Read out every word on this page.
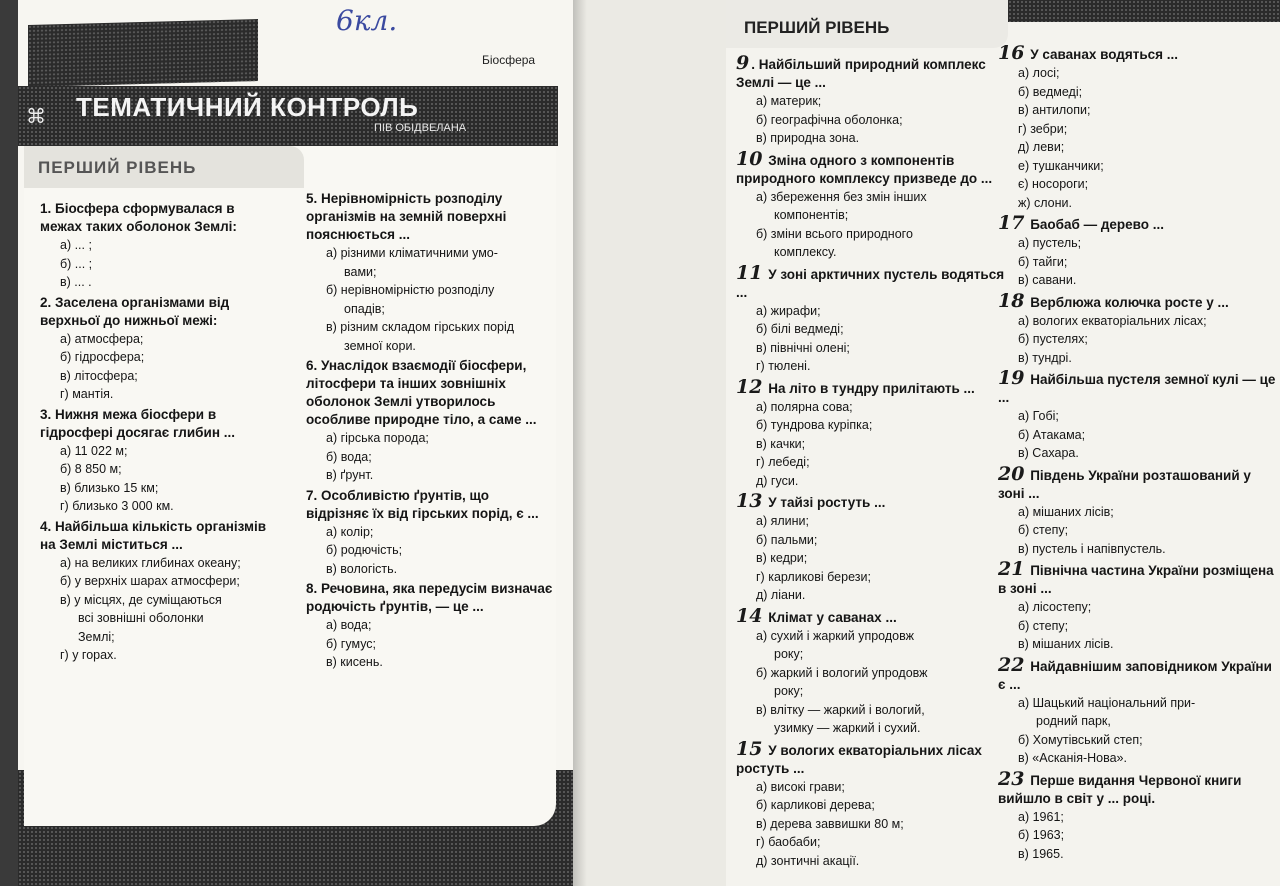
6кл.
Біосфера
⌘ ТЕМАТИЧНИЙ КОНТРОЛЬ
ПІВ ОБІДВЕЛАНА
ПЕРШИЙ РІВЕНЬ
1. Біосфера сформувалася в межах таких оболонок Землі:
а) ... ;
б) ... ;
в) ... .
2. Заселена організмами від верхньої до нижньої межі:
а) атмосфера;
б) гідросфера;
в) літосфера;
г) мантія.
3. Нижня межа біосфери в гідросфері досягає глибин ...
а) 11 022 м;
б) 8 850 м;
в) близько 15 км;
г) близько 3 000 км.
4. Найбільша кількість організмів на Землі міститься ...
а) на великих глибинах океану;
б) у верхніх шарах атмосфери;
в) у місцях, де суміщаються
всі зовнішні оболонки
Землі;
г) у горах.
5. Нерівномірність розподілу організмів на земній поверхні пояснюється ...
а) різними кліматичними умо-
вами;
б) нерівномірністю розподілу
опадів;
в) різним складом гірських порід
земної кори.
6. Унаслідок взаємодії біосфери, літосфери та інших зовнішніх оболонок Землі утворилось особливе природне тіло, а саме ...
а) гірська порода;
б) вода;
в) ґрунт.
7. Особливістю ґрунтів, що відрізняє їх від гірських порід, є ...
а) колір;
б) родючість;
в) вологість.
8. Речовина, яка передусім визначає родючість ґрунтів, — це ...
а) вода;
б) гумус;
в) кисень.
ПЕРШИЙ РІВЕНЬ
9 . Найбільший природний комплекс Землі — це ...
а) материк;
б) географічна оболонка;
в) природна зона.
10 Зміна одного з компонентів природного комплексу призведе до ...
а) збереження без змін інших
компонентів;
б) зміни всього природного
комплексу.
11 У зоні арктичних пустель водяться ...
а) жирафи;
б) білі ведмеді;
в) північні олені;
г) тюлені.
12 На літо в тундру прилітають ...
а) полярна сова;
б) тундрова куріпка;
в) качки;
г) лебеді;
д) гуси.
13 У тайзі ростуть ...
а) ялини;
б) пальми;
в) кедри;
г) карликові берези;
д) ліани.
14 Клімат у саванах ...
а) сухий і жаркий упродовж
року;
б) жаркий і вологий упродовж
року;
в) влітку — жаркий і вологий,
узимку — жаркий і сухий.
15 У вологих екваторіальних лісах ростуть ...
а) високі грави;
б) карликові дерева;
в) дерева заввишки 80 м;
г) баобаби;
д) зонтичні акації.
16 У саванах водяться ...
а) лосі;
б) ведмеді;
в) антилопи;
г) зебри;
д) леви;
е) тушканчики;
є) носороги;
ж) слони.
17 Баобаб — дерево ...
а) пустель;
б) тайги;
в) савани.
18 Верблюжа колючка росте у ...
а) вологих екваторіальних лісах;
б) пустелях;
в) тундрі.
19 Найбільша пустеля земної кулі — це ...
а) Гобі;
б) Атакама;
в) Сахара.
20 Південь України розташований у зоні ...
а) мішаних лісів;
б) степу;
в) пустель і напівпустель.
21 Північна частина України розміщена в зоні ...
а) лісостепу;
б) степу;
в) мішаних лісів.
22 Найдавнішим заповідником України є ...
а) Шацький національний при-
родний парк,
б) Хомутівський степ;
в) «Асканія-Нова».
23 Перше видання Червоної книги вийшло в світ у ... році.
а) 1961;
б) 1963;
в) 1965.
